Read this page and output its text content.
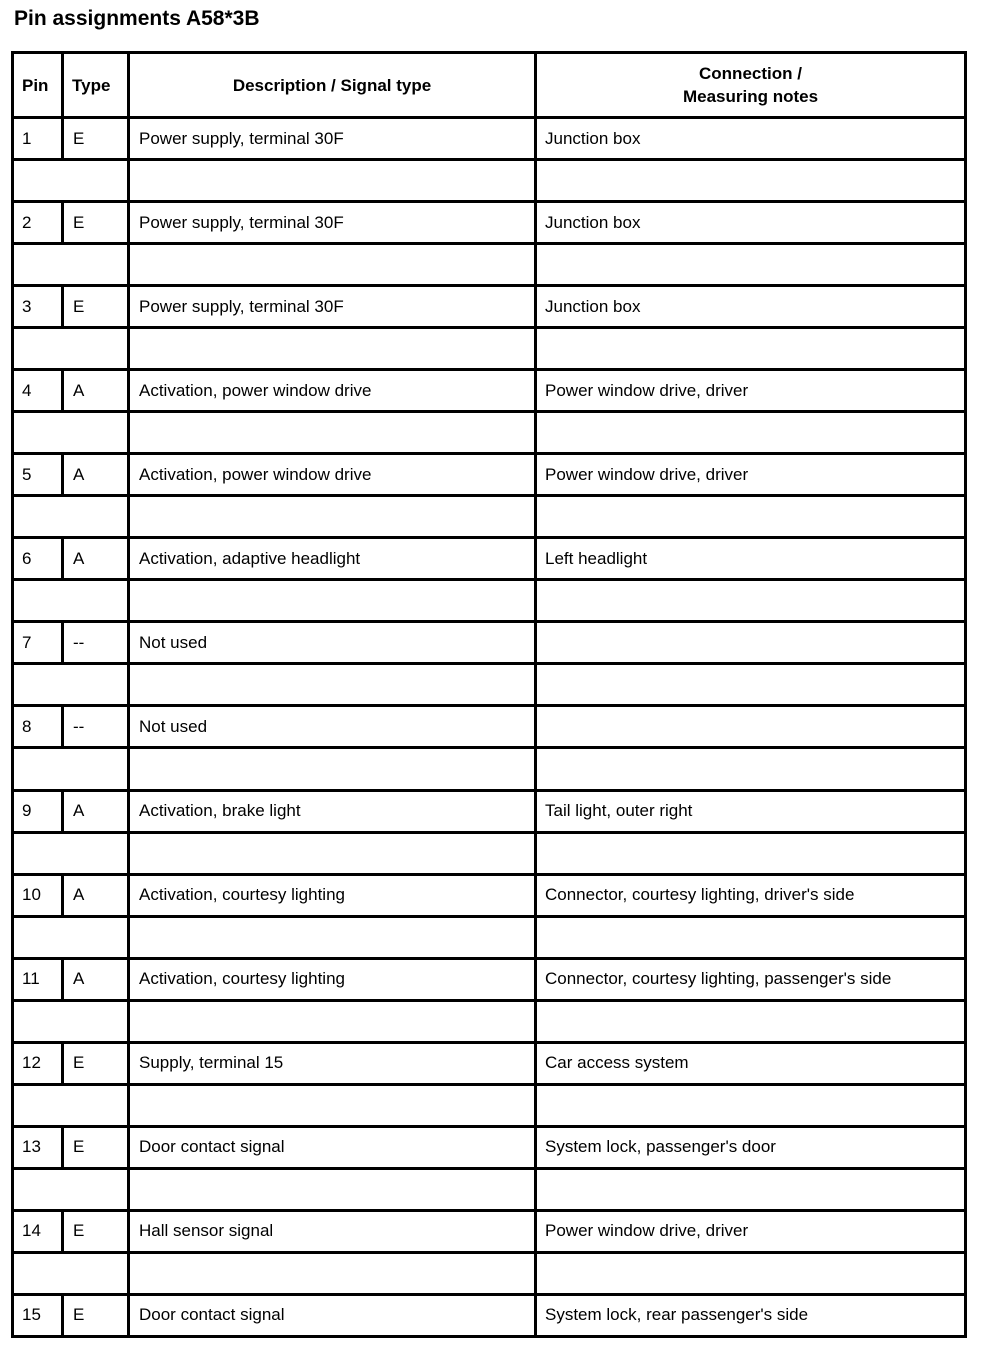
Pin assignments A58*3B
Pin	Type	Description / Signal type	Connection /
Measuring notes

1	E	Power supply, terminal 30F	Junction box

2	E	Power supply, terminal 30F	Junction box

3	E	Power supply, terminal 30F	Junction box

4	A	Activation, power window drive	Power window drive, driver

5	A	Activation, power window drive	Power window drive, driver

6	A	Activation, adaptive headlight	Left headlight

7	--	Not used	

8	--	Not used	

9	A	Activation, brake light	Tail light, outer right

10	A	Activation, courtesy lighting	Connector, courtesy lighting, driver's side

11	A	Activation, courtesy lighting	Connector, courtesy lighting, passenger's side

12	E	Supply, terminal 15	Car access system

13	E	Door contact signal	System lock, passenger's door

14	E	Hall sensor signal	Power window drive, driver

15	E	Door contact signal	System lock, rear passenger's side
